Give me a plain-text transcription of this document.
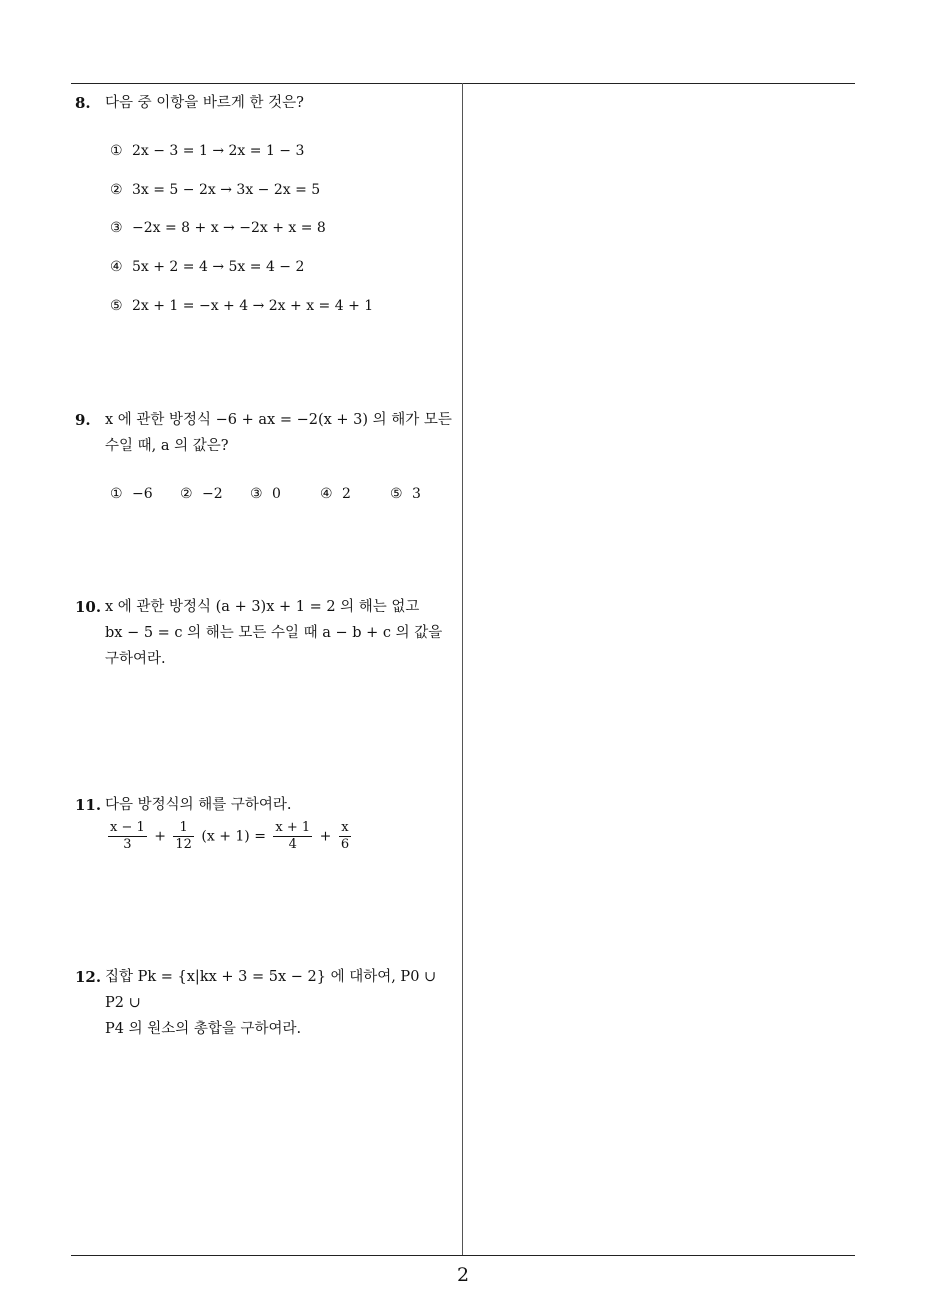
2
8. 다음 중 이항을 바르게 한 것은?
① 2x − 3 = 1 → 2x = 1 − 3
② 3x = 5 − 2x → 3x − 2x = 5
③ −2x = 8 + x → −2x + x = 8
④ 5x + 2 = 4 → 5x = 4 − 2
⑤ 2x + 1 = −x + 4 → 2x + x = 4 + 1
9. x 에 관한 방정식 −6 + ax = −2(x + 3) 의 해가 모든
수일 때, a 의 값은?
① −6 ② −2 ③ 0	④ 2	⑤ 3
10. x 에 관한 방정식 (a + 3)x + 1 = 2 의 해는 없고
bx − 5 = c 의 해는 모든 수일 때 a − b + c 의 값을
구하여라.
11. 다음 방정식의 해를 구하여라.
$\frac{x - 1}{3} + \frac{1}{12} (x + 1) = \frac{x + 1}{4} + \frac{x}{6}$
12. 집합 Pk = {x|kx + 3 = 5x − 2} 에 대하여, P0 ∪ P2 ∪
P4 의 원소의 총합을 구하여라.
